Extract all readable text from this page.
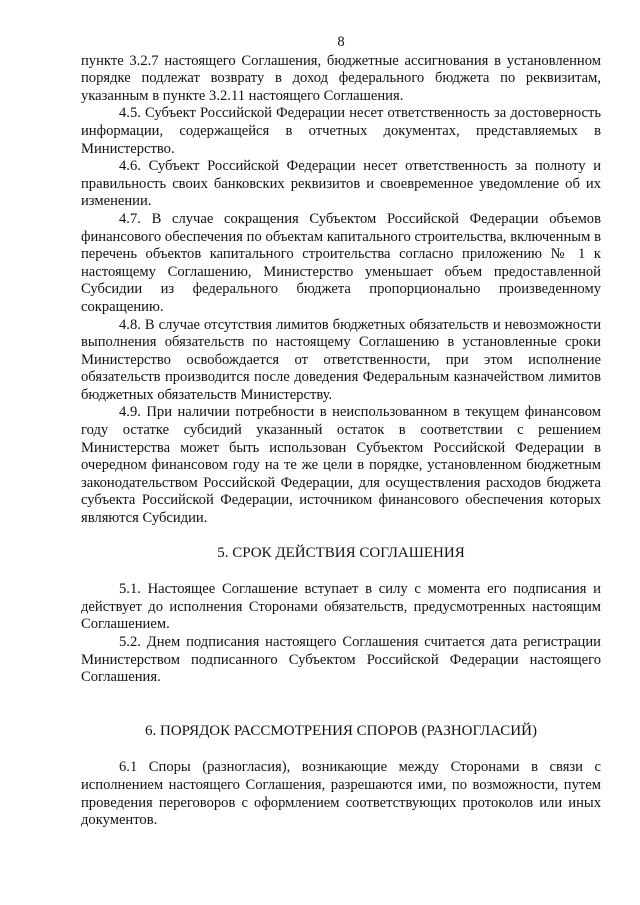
8

пункте 3.2.7 настоящего Соглашения, бюджетные ассигнования в установленном порядке подлежат возврату в доход федерального бюджета по реквизитам, указанным в пункте 3.2.11 настоящего Соглашения.

4.5. Субъект Российской Федерации несет ответственность за достоверность информации, содержащейся в отчетных документах, представляемых в Министерство.

4.6. Субъект Российской Федерации несет ответственность за полноту и правильность своих банковских реквизитов и своевременное уведомление об их изменении.

4.7. В случае сокращения Субъектом Российской Федерации объемов финансового обеспечения по объектам капитального строительства, включенным в перечень объектов капитального строительства согласно приложению № 1 к настоящему Соглашению, Министерство уменьшает объем предоставленной Субсидии из федерального бюджета пропорционально произведенному сокращению.

4.8. В случае отсутствия лимитов бюджетных обязательств и невозможности выполнения обязательств по настоящему Соглашению в установленные сроки Министерство освобождается от ответственности, при этом исполнение обязательств производится после доведения Федеральным казначейством лимитов бюджетных обязательств Министерству.

4.9. При наличии потребности в неиспользованном в текущем финансовом году остатке субсидий указанный остаток в соответствии с решением Министерства может быть использован Субъектом Российской Федерации в очередном финансовом году на те же цели в порядке, установленном бюджетным законодательством Российской Федерации, для осуществления расходов бюджета субъекта Российской Федерации, источником финансового обеспечения которых являются Субсидии.

5. СРОК ДЕЙСТВИЯ СОГЛАШЕНИЯ

5.1. Настоящее Соглашение вступает в силу с момента его подписания и действует до исполнения Сторонами обязательств, предусмотренных настоящим Соглашением.

5.2. Днем подписания настоящего Соглашения считается дата регистрации Министерством подписанного Субъектом Российской Федерации настоящего Соглашения.

6. ПОРЯДОК РАССМОТРЕНИЯ СПОРОВ (РАЗНОГЛАСИЙ)

6.1 Споры (разногласия), возникающие между Сторонами в связи с исполнением настоящего Соглашения, разрешаются ими, по возможности, путем проведения переговоров с оформлением соответствующих протоколов или иных документов.
